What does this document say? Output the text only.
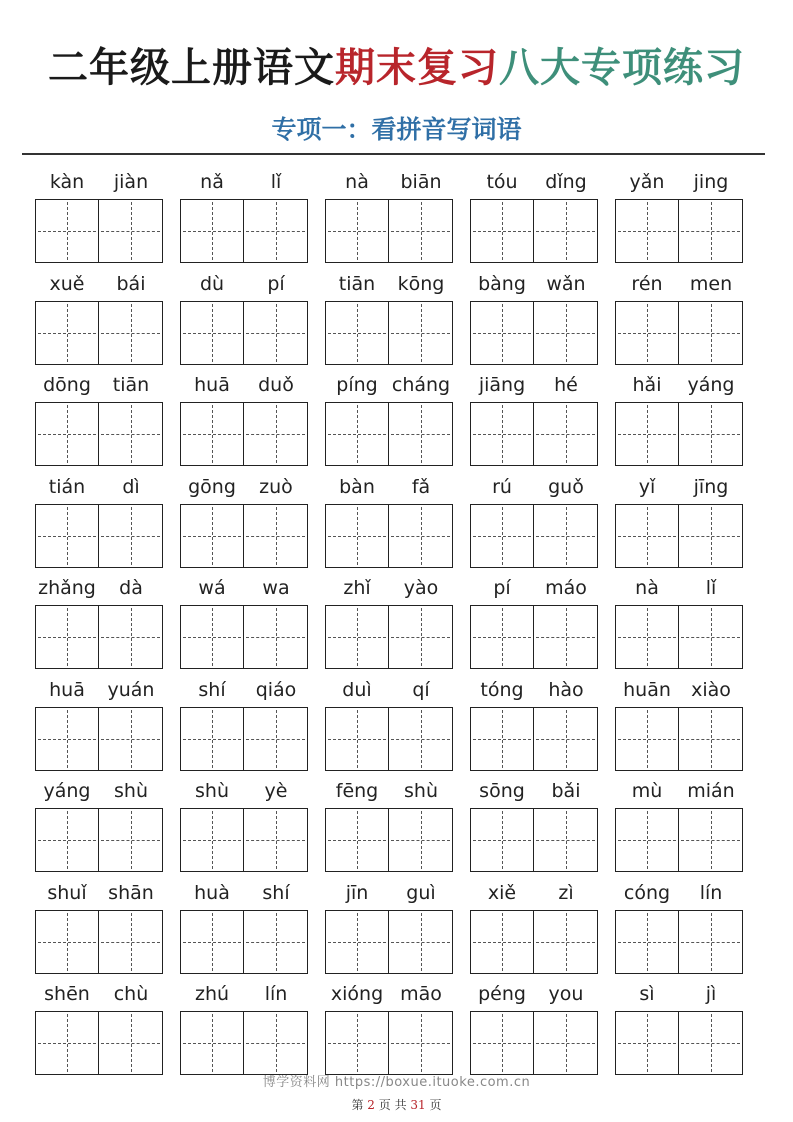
二年级上册语文期末复习八大专项练习
专项一：看拼音写词语
kàn	jiàn	nǎ	lǐ	nà	biān	tóu	dǐng	yǎn	jing
xuě	bái	dù	pí	tiān	kōng	bàng	wǎn	rén	men
dōng	tiān	huā	duǒ	píng cháng	jiāng	hé	hǎi	yáng
tián	dì	gōng	zuò	bàn	fǎ	rú	guǒ	yǐ	jīng
zhǎng	dà	wá	wa	zhǐ	yào	pí	máo	nà	lǐ
huā	yuán	shí	qiáo	duì	qí	tóng	hào	huān	xiào
yáng	shù	shù	yè	fēng	shù	sōng	bǎi	mù	mián
shuǐ	shān	huà	shí	jīn	guì	xiě	zì	cóng	lín
shēn	chù	zhú	lín	xióng māo	péng	you	sì	jì
博学资料网 https://boxue.ituoke.com.cn
第 2 页 共 31 页
